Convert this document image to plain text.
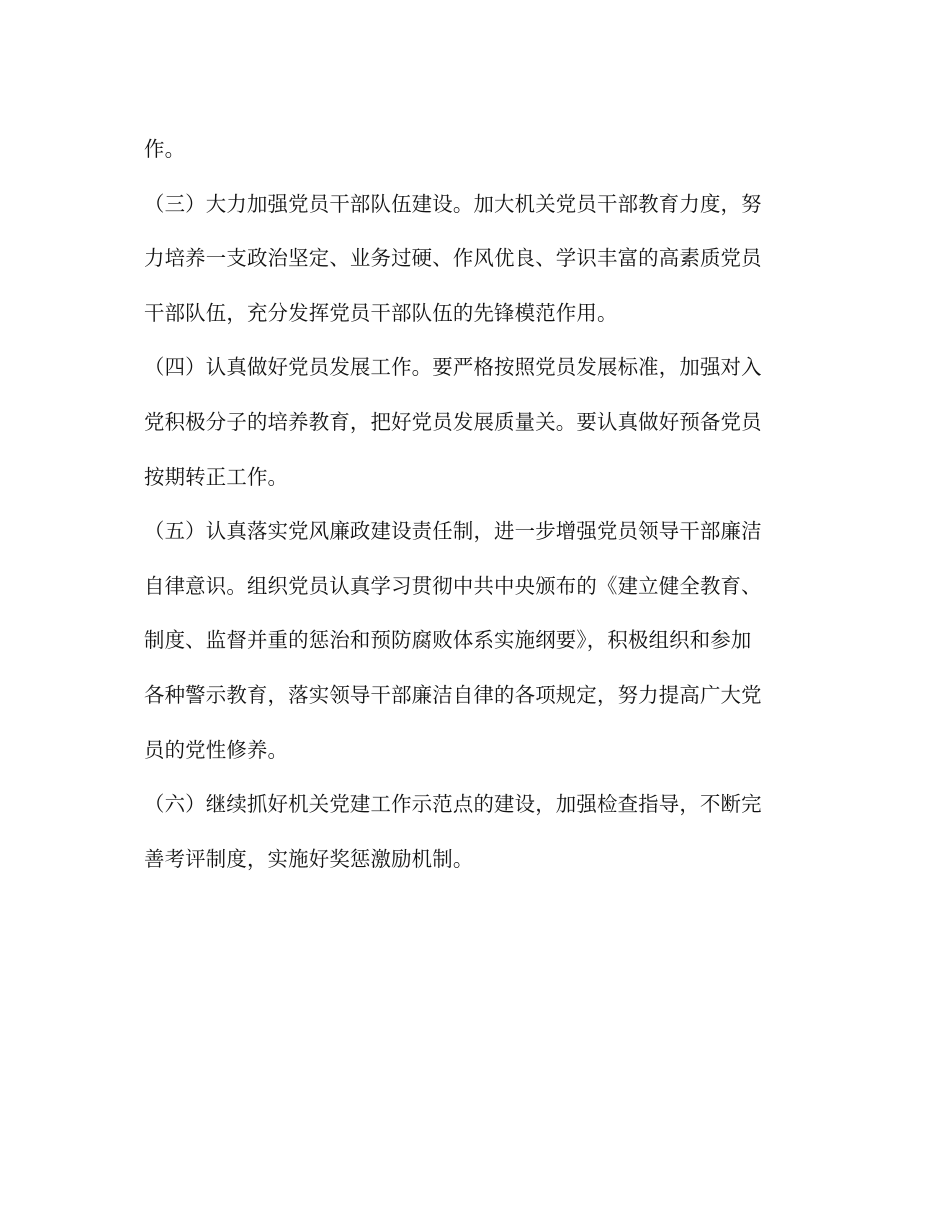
作。
（三）大力加强党员干部队伍建设。加大机关党员干部教育力度，努
力培养一支政治坚定、业务过硬、作风优良、学识丰富的高素质党员
干部队伍，充分发挥党员干部队伍的先锋模范作用。
（四）认真做好党员发展工作。要严格按照党员发展标准，加强对入
党积极分子的培养教育，把好党员发展质量关。要认真做好预备党员
按期转正工作。
（五）认真落实党风廉政建设责任制，进一步增强党员领导干部廉洁
自律意识。组织党员认真学习贯彻中共中央颁布的《建立健全教育、
制度、监督并重的惩治和预防腐败体系实施纲要》，积极组织和参加
各种警示教育，落实领导干部廉洁自律的各项规定，努力提高广大党
员的党性修养。
（六）继续抓好机关党建工作示范点的建设，加强检查指导，不断完
善考评制度，实施好奖惩激励机制。
